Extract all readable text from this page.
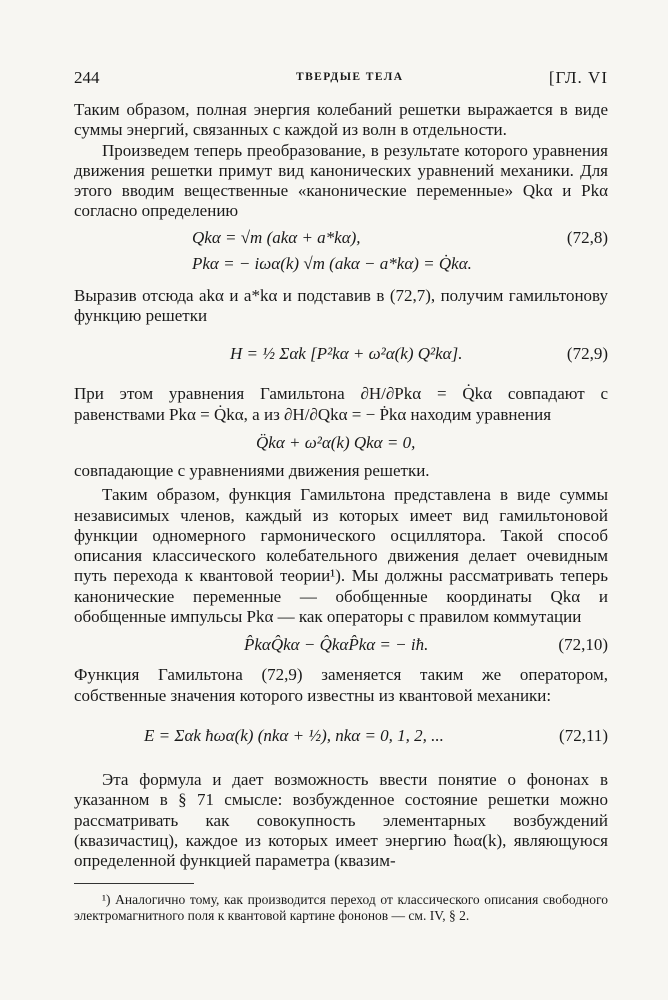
244	ТВЕРДЫЕ ТЕЛА	[ГЛ. VI

Таким образом, полная энергия колебаний решетки выражается в виде суммы энергий, связанных с каждой из волн в отдельности.

Произведем теперь преобразование, в результате которого уравнения движения решетки примут вид канонических уравнений механики. Для этого вводим вещественные «канонические переменные» Qkα и Pkα согласно определению

Qkα = √m (akα + a*kα),	(72,8)
Pkα = − iωα(k) √m (akα − a*kα) = Q̇kα.

Выразив отсюда akα и a*kα и подставив в (72,7), получим гамильтонову функцию решетки

H = ½ Σαk [P²kα + ω²α(k) Q²kα].	(72,9)

При этом уравнения Гамильтона ∂H/∂Pkα = Q̇kα совпадают с равенствами Pkα = Q̇kα, а из ∂H/∂Qkα = − Ṗkα находим уравнения

Q̈kα + ω²α(k) Qkα = 0,

совпадающие с уравнениями движения решетки.

Таким образом, функция Гамильтона представлена в виде суммы независимых членов, каждый из которых имеет вид гамильтоновой функции одномерного гармонического осциллятора. Такой способ описания классического колебательного движения делает очевидным путь перехода к квантовой теории¹). Мы должны рассматривать теперь канонические переменные — обобщенные координаты Qkα и обобщенные импульсы Pkα — как операторы с правилом коммутации

P̂kαQ̂kα − Q̂kαP̂kα = − iħ.	(72,10)

Функция Гамильтона (72,9) заменяется таким же оператором, собственные значения которого известны из квантовой механики:

E = Σαk ħωα(k) (nkα + ½), nkα = 0, 1, 2, ...	(72,11)

Эта формула и дает возможность ввести понятие о фононах в указанном в § 71 смысле: возбужденное состояние решетки можно рассматривать как совокупность элементарных возбуждений (квазичастиц), каждое из которых имеет энергию ħωα(k), являющуюся определенной функцией параметра (квазим-

¹) Аналогично тому, как производится переход от классического описания свободного электромагнитного поля к квантовой картине фононов — см. IV, § 2.
